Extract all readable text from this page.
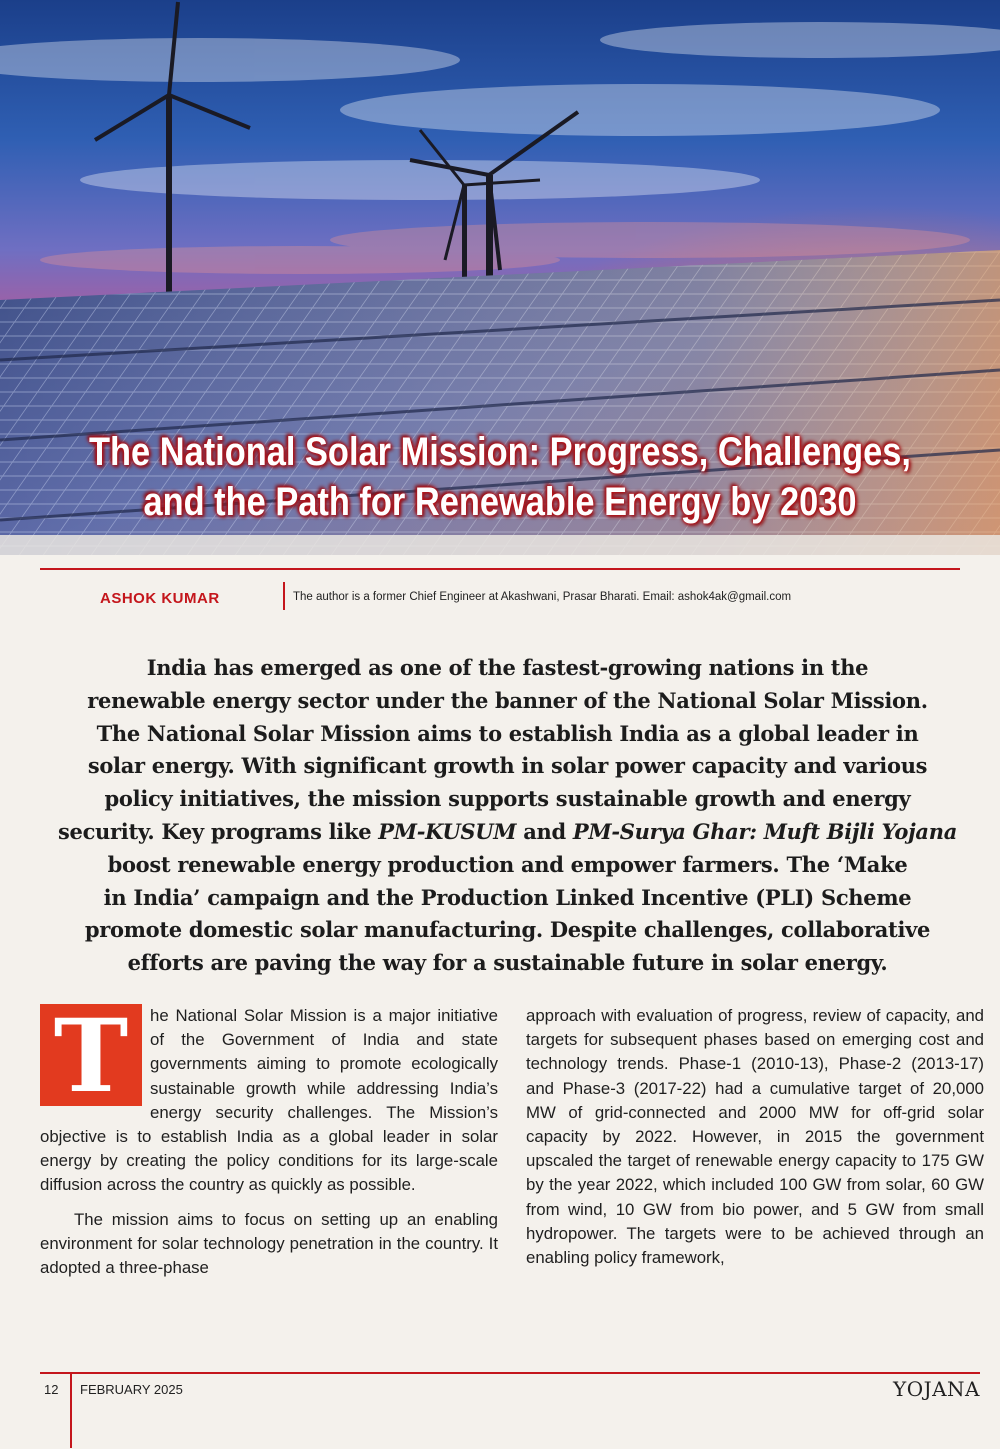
The National Solar Mission: Progress, Challenges,
and the Path for Renewable Energy by 2030
ASHOK KUMAR	The author is a former Chief Engineer at Akashwani, Prasar Bharati. Email: ashok4ak@gmail.com
India has emerged as one of the fastest-growing nations in the
renewable energy sector under the banner of the National Solar Mission.
The National Solar Mission aims to establish India as a global leader in
solar energy. With significant growth in solar power capacity and various
policy initiatives, the mission supports sustainable growth and energy
security. Key programs like PM-KUSUM and PM-Surya Ghar: Muft Bijli Yojana
boost renewable energy production and empower farmers. The ‘Make
in India’ campaign and the Production Linked Incentive (PLI) Scheme
promote domestic solar manufacturing. Despite challenges, collaborative
efforts are paving the way for a sustainable future in solar energy.

T	he National Solar Mission is a major initiative of the Government of India and state governments aiming to promote ecologically sustainable growth while addressing India’s energy security challenges. The Mission’s objective is to establish India as a global leader in solar energy by creating the policy conditions for its large-scale diffusion across the country as quickly as possible.

The mission aims to focus on setting up an enabling environment for solar technology penetration in the country. It adopted a three-phase

approach with evaluation of progress, review of capacity, and targets for subsequent phases based on emerging cost and technology trends. Phase-1 (2010-13), Phase-2 (2013-17) and Phase-3 (2017-22) had a cumulative target of 20,000 MW of grid-connected and 2000 MW for off-grid solar capacity by 2022. However, in 2015 the government upscaled the target of renewable energy capacity to 175 GW by the year 2022, which included 100 GW from solar, 60 GW from wind, 10 GW from bio power, and 5 GW from small hydropower. The targets were to be achieved through an enabling policy framework,

12 FEBRUARY 2025	YOJANA
